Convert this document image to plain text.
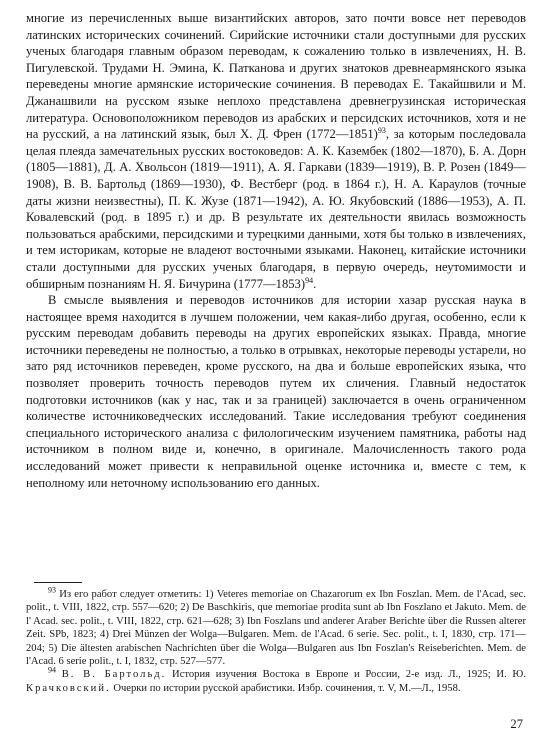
многие из перечисленных выше византийских авторов, зато почти вовсе нет переводов латинских исторических сочинений. Сирийские источники стали доступными для русских ученых благодаря главным образом переводам, к сожалению только в извлечениях, Н. В. Пигулевской. Трудами Н. Эмина, К. Патканова и других знатоков древнеармянского языка переведены многие армянские исторические сочинения. В переводах Е. Такайшвили и М. Джанашвили на русском языке неплохо представлена древнегрузинская историческая литература. Основоположником переводов из арабских и персидских источников, хотя и не на русский, а на латинский язык, был Х. Д. Френ (1772—1851)$^{93}$, за которым последовала целая плеяда замечательных русских востоковедов: А. К. Казембек (1802—1870), Б. А. Дорн (1805—1881), Д. А. Хвольсон (1819—1911), А. Я. Гаркави (1839—1919), В. Р. Розен (1849—1908), В. В. Бартольд (1869—1930), Ф. Вестберг (род. в 1864 г.), Н. А. Караулов (точные даты жизни неизвестны), П. К. Жузе (1871—1942), А. Ю. Якубовский (1886—1953), А. П. Ковалевский (род. в 1895 г.) и др. В результате их деятельности явилась возможность пользоваться арабскими, персидскими и турецкими данными, хотя бы только в извлечениях, и тем историкам, которые не владеют восточными языками. Наконец, китайские источники стали доступными для русских ученых благодаря, в первую очередь, неутомимости и обширным познаниям Н. Я. Бичурина (1777—1853)$^{94}$.

В смысле выявления и переводов источников для истории хазар русская наука в настоящее время находится в лучшем положении, чем какая-либо другая, особенно, если к русским переводам добавить переводы на других европейских языках. Правда, многие источники переведены не полностью, а только в отрывках, некоторые переводы устарели, но зато ряд источников переведен, кроме русского, на два и больше европейских языка, что позволяет проверить точность переводов путем их сличения. Главный недостаток подготовки источников (как у нас, так и за границей) заключается в очень ограниченном количестве источниковедческих исследований. Такие исследования требуют соединения специального исторического анализа с филологическим изучением памятника, работы над источником в полном виде и, конечно, в оригинале. Малочисленность такого рода исследований может привести к неправильной оценке источника и, вместе с тем, к неполному или неточному использованию его данных.

$^{93}$ Из его работ следует отметить: 1) Veteres memoriae on Chazarorum ex Ibn Foszlan. Mem. de l'Acad, sec. polit., t. VIII, 1822, стр. 557—620; 2) De Baschkiris, que memoriae prodita sunt ab Ibn Foszlano et Jakuto. Mem. de l' Acad. sec. polit., t. VIII, 1822, стр. 621—628; 3) Ibn Foszlans und anderer Araber Berichte über die Russen alterer Zeit. SPb, 1823; 4) Drei Münzen der Wolga—Bulgaren. Mem. de l'Acad. 6 serie. Sec. polit., t. I, 1830, стр. 171—204; 5) Die ältesten arabischen Nachrichten über die Wolga—Bulgaren aus Ibn Foszlan's Reiseberichten. Mem. de l'Acad. 6 serie polit., t. I, 1832, стр. 527—577.

$^{94}$ В. В. Бартольд. История изучения Востока в Европе и России, 2-е изд. Л., 1925; И. Ю. Крачковский. Очерки по истории русской арабистики. Избр. сочинения, т. V, М.—Л., 1958.

27
